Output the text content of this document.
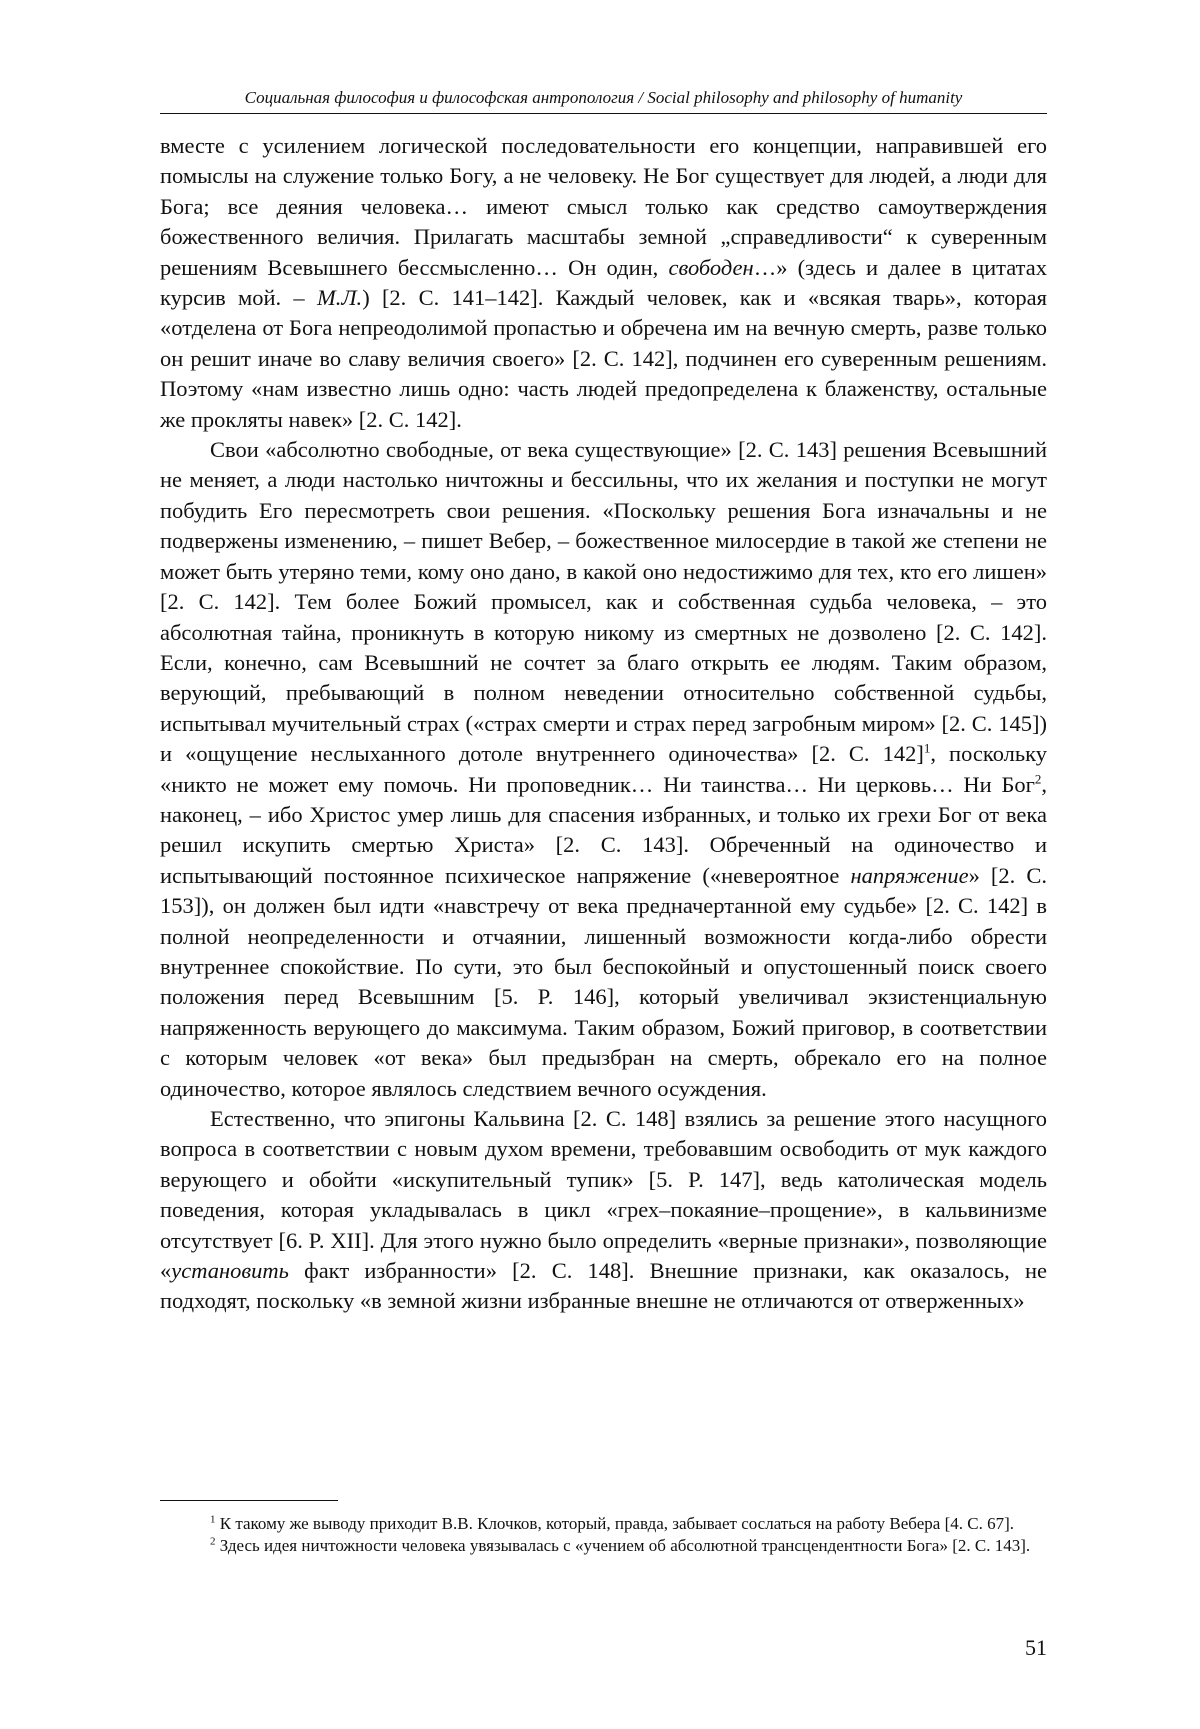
Социальная философия и философская антропология / Social philosophy and philosophy of humanity

вместе с усилением логической последовательности его концепции, направившей его помыслы на служение только Богу, а не человеку. Не Бог существует для людей, а люди для Бога; все деяния человека… имеют смысл только как средство самоутверждения божественного величия. Прилагать масштабы земной „справедливости“ к суверенным решениям Всевышнего бессмысленно… Он один, свободен…» (здесь и далее в цитатах курсив мой. – М.Л.) [2. С. 141–142]. Каждый человек, как и «всякая тварь», которая «отделена от Бога непреодолимой пропастью и обречена им на вечную смерть, разве только он решит иначе во славу величия своего» [2. С. 142], подчинен его суверенным решениям. Поэтому «нам известно лишь одно: часть людей предопределена к блаженству, остальные же прокляты навек» [2. С. 142].

Свои «абсолютно свободные, от века существующие» [2. С. 143] решения Всевышний не меняет, а люди настолько ничтожны и бессильны, что их желания и поступки не могут побудить Его пересмотреть свои решения. «Поскольку решения Бога изначальны и не подвержены изменению, – пишет Вебер, – божественное милосердие в такой же степени не может быть утеряно теми, кому оно дано, в какой оно недостижимо для тех, кто его лишен» [2. С. 142]. Тем более Божий промысел, как и собственная судьба человека, – это абсолютная тайна, проникнуть в которую никому из смертных не дозволено [2. С. 142]. Если, конечно, сам Всевышний не сочтет за благо открыть ее людям. Таким образом, верующий, пребывающий в полном неведении относительно собственной судьбы, испытывал мучительный страх («страх смерти и страх перед загробным миром» [2. С. 145]) и «ощущение неслыханного дотоле внутреннего одиночества» [2. С. 142]$^1$, поскольку «никто не может ему помочь. Ни проповедник… Ни таинства… Ни церковь… Ни Бог$^2$, наконец, – ибо Христос умер лишь для спасения избранных, и только их грехи Бог от века решил искупить смертью Христа» [2. С. 143]. Обреченный на одиночество и испытывающий постоянное психическое напряжение («невероятное напряжение» [2. С. 153]), он должен был идти «навстречу от века предначертанной ему судьбе» [2. С. 142] в полной неопределенности и отчаянии, лишенный возможности когда-либо обрести внутреннее спокойствие. По сути, это был беспокойный и опустошенный поиск своего положения перед Всевышним [5. P. 146], который увеличивал экзистенциальную напряженность верующего до максимума. Таким образом, Божий приговор, в соответствии с которым человек «от века» был предызбран на смерть, обрекало его на полное одиночество, которое являлось следствием вечного осуждения.

Естественно, что эпигоны Кальвина [2. С. 148] взялись за решение этого насущного вопроса в соответствии с новым духом времени, требовавшим освободить от мук каждого верующего и обойти «искупительный тупик» [5. P. 147], ведь католическая модель поведения, которая укладывалась в цикл «грех–покаяние–прощение», в кальвинизме отсутствует [6. P. XII]. Для этого нужно было определить «верные признаки», позволяющие «установить факт избранности» [2. С. 148]. Внешние признаки, как оказалось, не подходят, поскольку «в земной жизни избранные внешне не отличаются от отверженных»

$^1$ К такому же выводу приходит В.В. Клочков, который, правда, забывает сослаться на работу Вебера [4. С. 67].

$^2$ Здесь идея ничтожности человека увязывалась с «учением об абсолютной трансцендентности Бога» [2. С. 143].

51
